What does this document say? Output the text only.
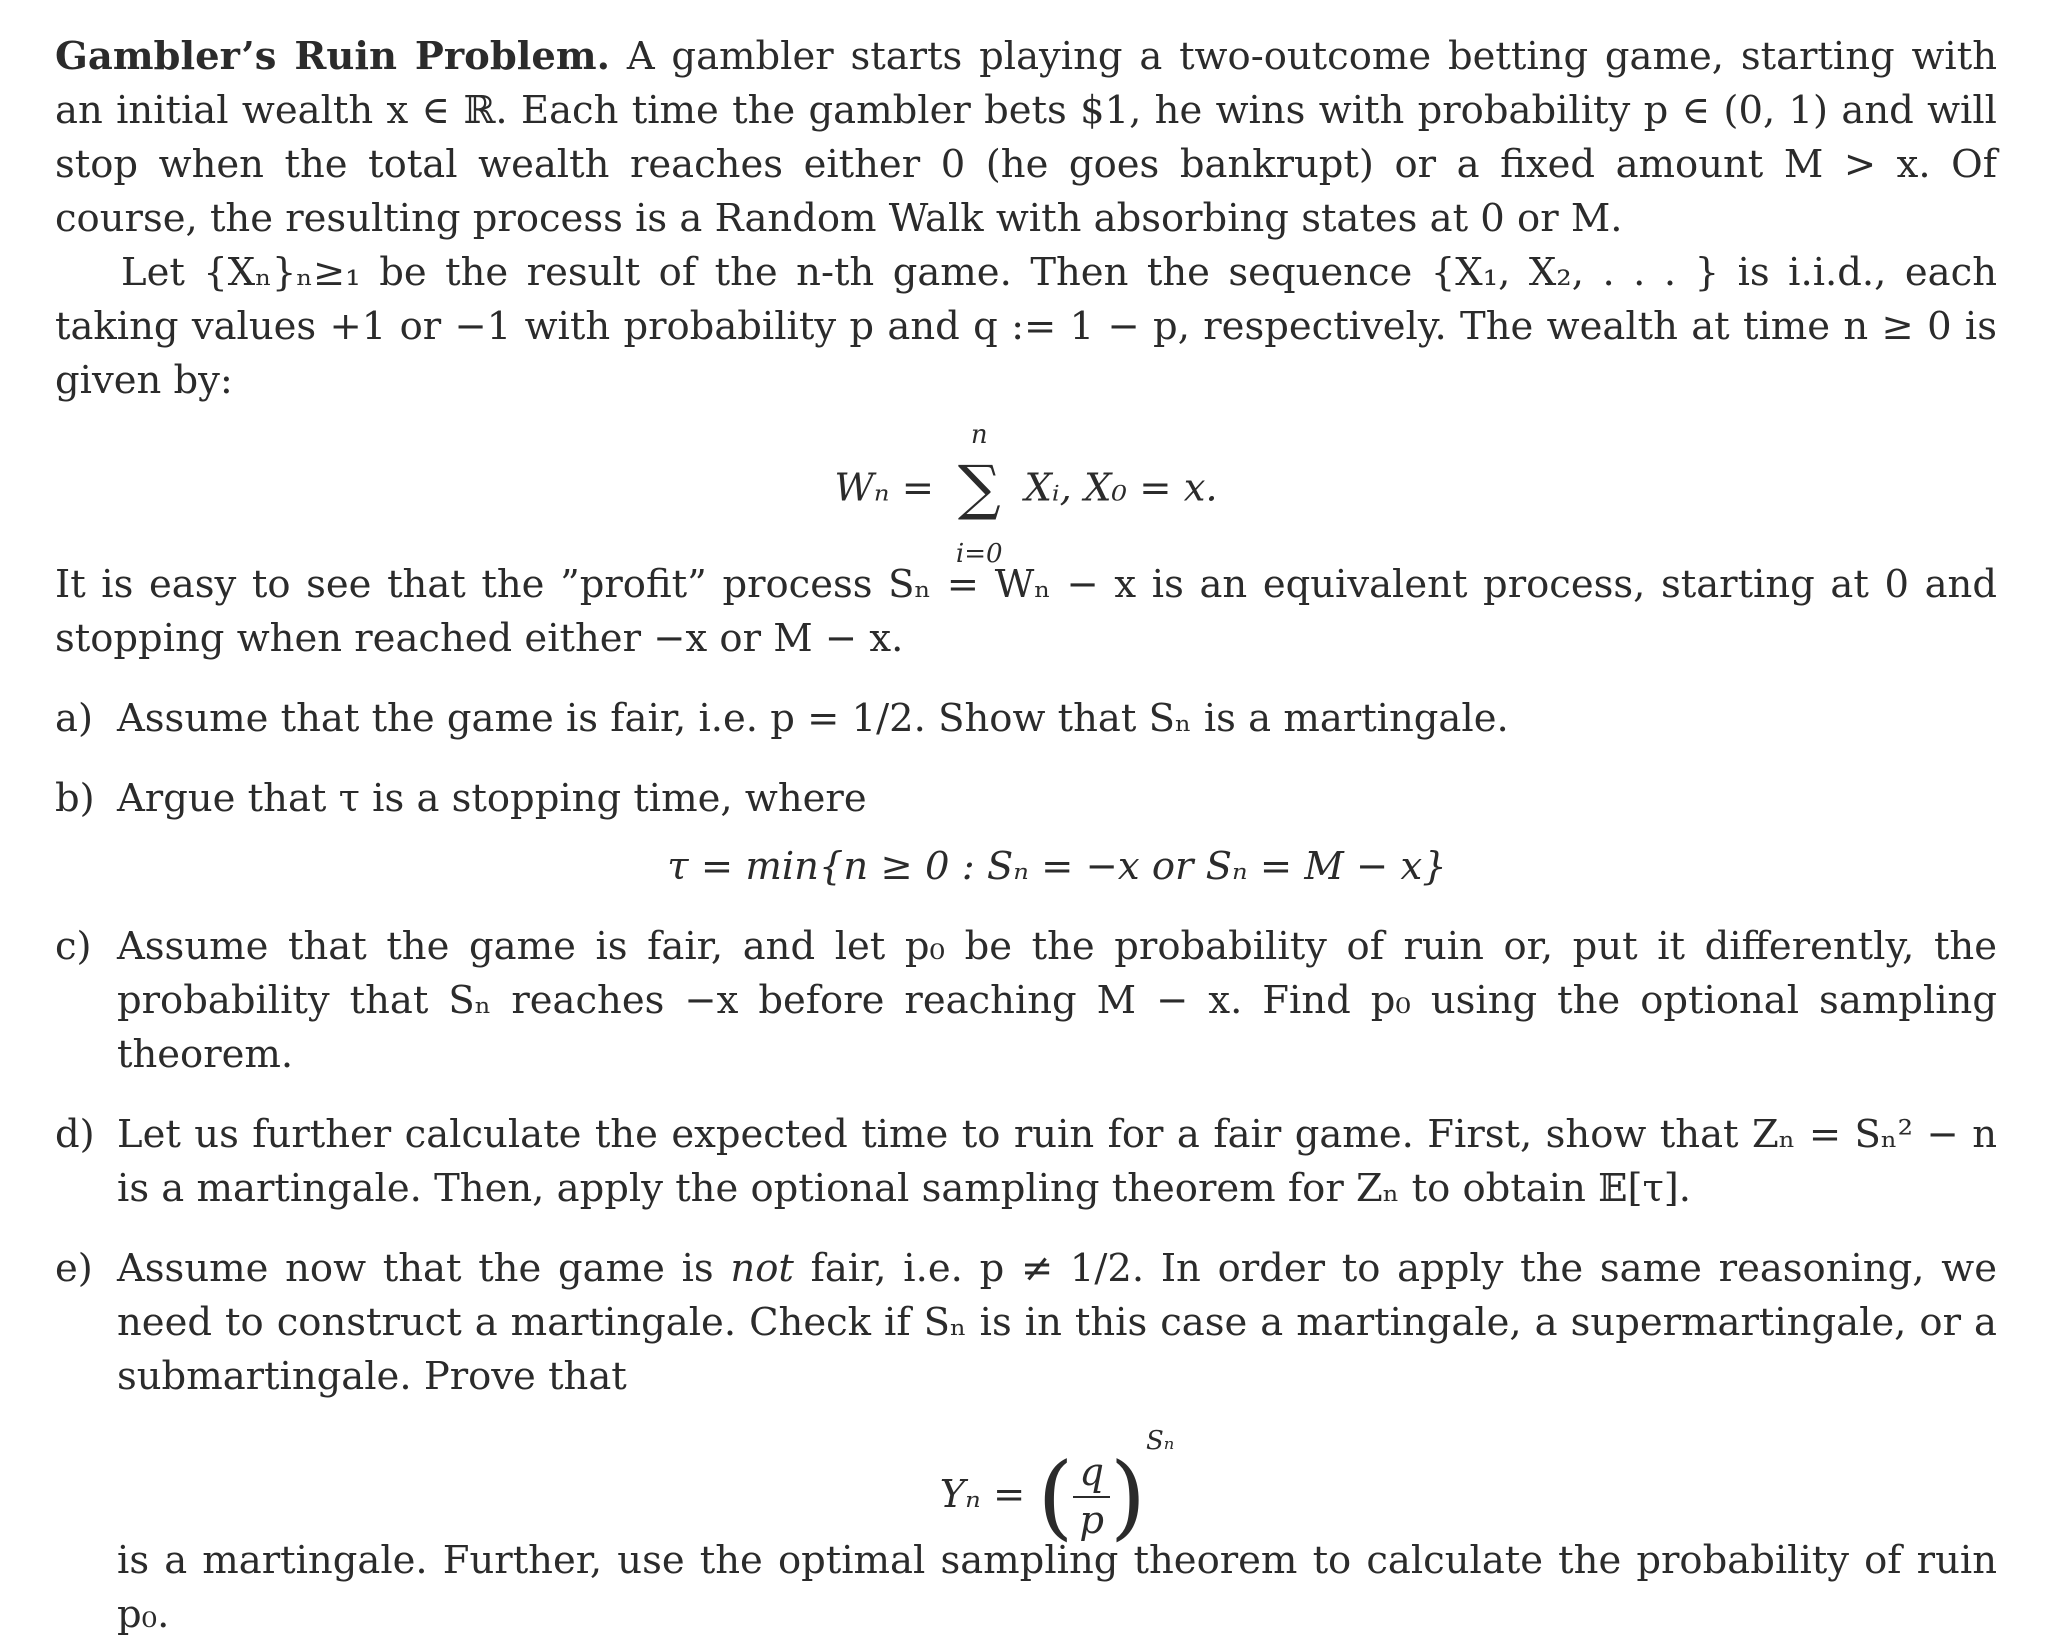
Gambler’s Ruin Problem. A gambler starts playing a two-outcome betting game, starting with an initial wealth x ∈ ℝ. Each time the gambler bets $1, he wins with probability p ∈ (0, 1) and will stop when the total wealth reaches either 0 (he goes bankrupt) or a fixed amount M > x. Of course, the resulting process is a Random Walk with absorbing states at 0 or M.

Let {Xₙ}ₙ≥₁ be the result of the n-th game. Then the sequence {X₁, X₂, . . . } is i.i.d., each taking values +1 or −1 with probability p and q := 1 − p, respectively. The wealth at time n ≥ 0 is given by:

Wₙ =
n
∑
i=0
Xᵢ, X₀ = x.

It is easy to see that the ”profit” process Sₙ = Wₙ − x is an equivalent process, starting at 0 and stopping when reached either −x or M − x.

a) Assume that the game is fair, i.e. p = 1/2. Show that Sₙ is a martingale.

b) Argue that τ is a stopping time, where

τ = min{n ≥ 0 : Sₙ = −x or Sₙ = M − x}
c) Assume that the game is fair, and let p₀ be the probability of ruin or, put it differently, the probability that Sₙ reaches −x before reaching M − x. Find p₀ using the optional sampling theorem.

d) Let us further calculate the expected time to ruin for a fair game. First, show that Zₙ = Sₙ² − n is a martingale. Then, apply the optional sampling theorem for Zₙ to obtain 𝔼[τ].

e) Assume now that the game is not fair, i.e. p ≠ 1/2. In order to apply the same reasoning, we need to construct a martingale. Check if Sₙ is in this case a martingale, a supermartingale, or a submartingale. Prove that

Yₙ = ( $\frac{q}{p} )^{S_n}$

is a martingale. Further, use the optimal sampling theorem to calculate the probability of ruin p₀.
